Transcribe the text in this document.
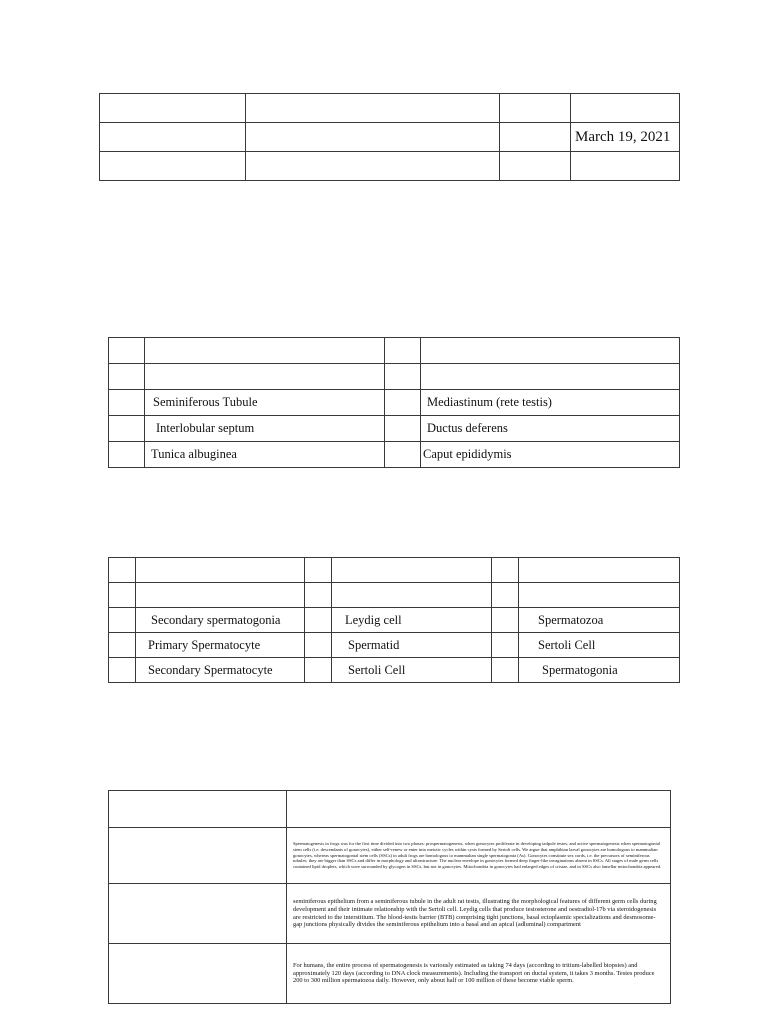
			March 19, 2021

	Seminiferous Tubule		Mediastinum (rete testis)
	Interlobular septum		Ductus deferens
	Tunica albuginea		Caput epididymis

	Secondary spermatogonia		Leydig cell		Spermatozoa
	Primary Spermatocyte		Spermatid		Sertoli Cell
	Secondary Spermatocyte		Sertoli Cell		Spermatogonia

	Spermatogenesis in frogs was for the first time divided into two phases: prospermatogenesis, when gonocytes proliferate in developing tadpole testes, and active spermatogenesis when spermatogonial stem cells (i.e. descendants of gonocytes), either self-renew or enter into meiotic cycles within cysts formed by Sertoli cells. We argue that amphibian larval gonocytes are homologous to mammalian gonocytes, whereas spermatogonial stem cells (SSCs) in adult frogs are homologous to mammalian single spermatogonia (As). Gonocytes constitute sex cords, i.e. the precursors of seminiferous tubules; they are bigger than SSCs and differ in morphology and ultrastructure. The nuclear envelope in gonocytes formed deep finger-like invaginations absent in SSCs. All stages of male germ cells contained lipid droplets, which were surrounded by glycogen in SSCs, but not in gonocytes. Mitochondria in gonocytes had enlarged edges of cristae, and in SSCs also lamellar mitochondria appeared.
	seminiferous epithelium from a seminiferous tubule in the adult rat testis, illustrating the morphological features of different germ cells during development and their intimate relationship with the Sertoli cell. Leydig cells that produce testosterone and oestradiol-17b via steroidogenesis are restricted to the interstitium. The blood-testis barrier (BTB) comprising tight junctions, basal ectoplasmic specializations and desmosome-gap junctions physically divides the seminiferous epithelium into a basal and an apical (adluminal) compartment
	For humans, the entire process of spermatogenesis is variously estimated as taking 74 days (according to tritium-labelled biopsies) and approximately 120 days (according to DNA clock measurements). Including the transport on ductal system, it takes 3 months. Testes produce 200 to 300 million spermatozoa daily. However, only about half or 100 million of these become viable sperm.
